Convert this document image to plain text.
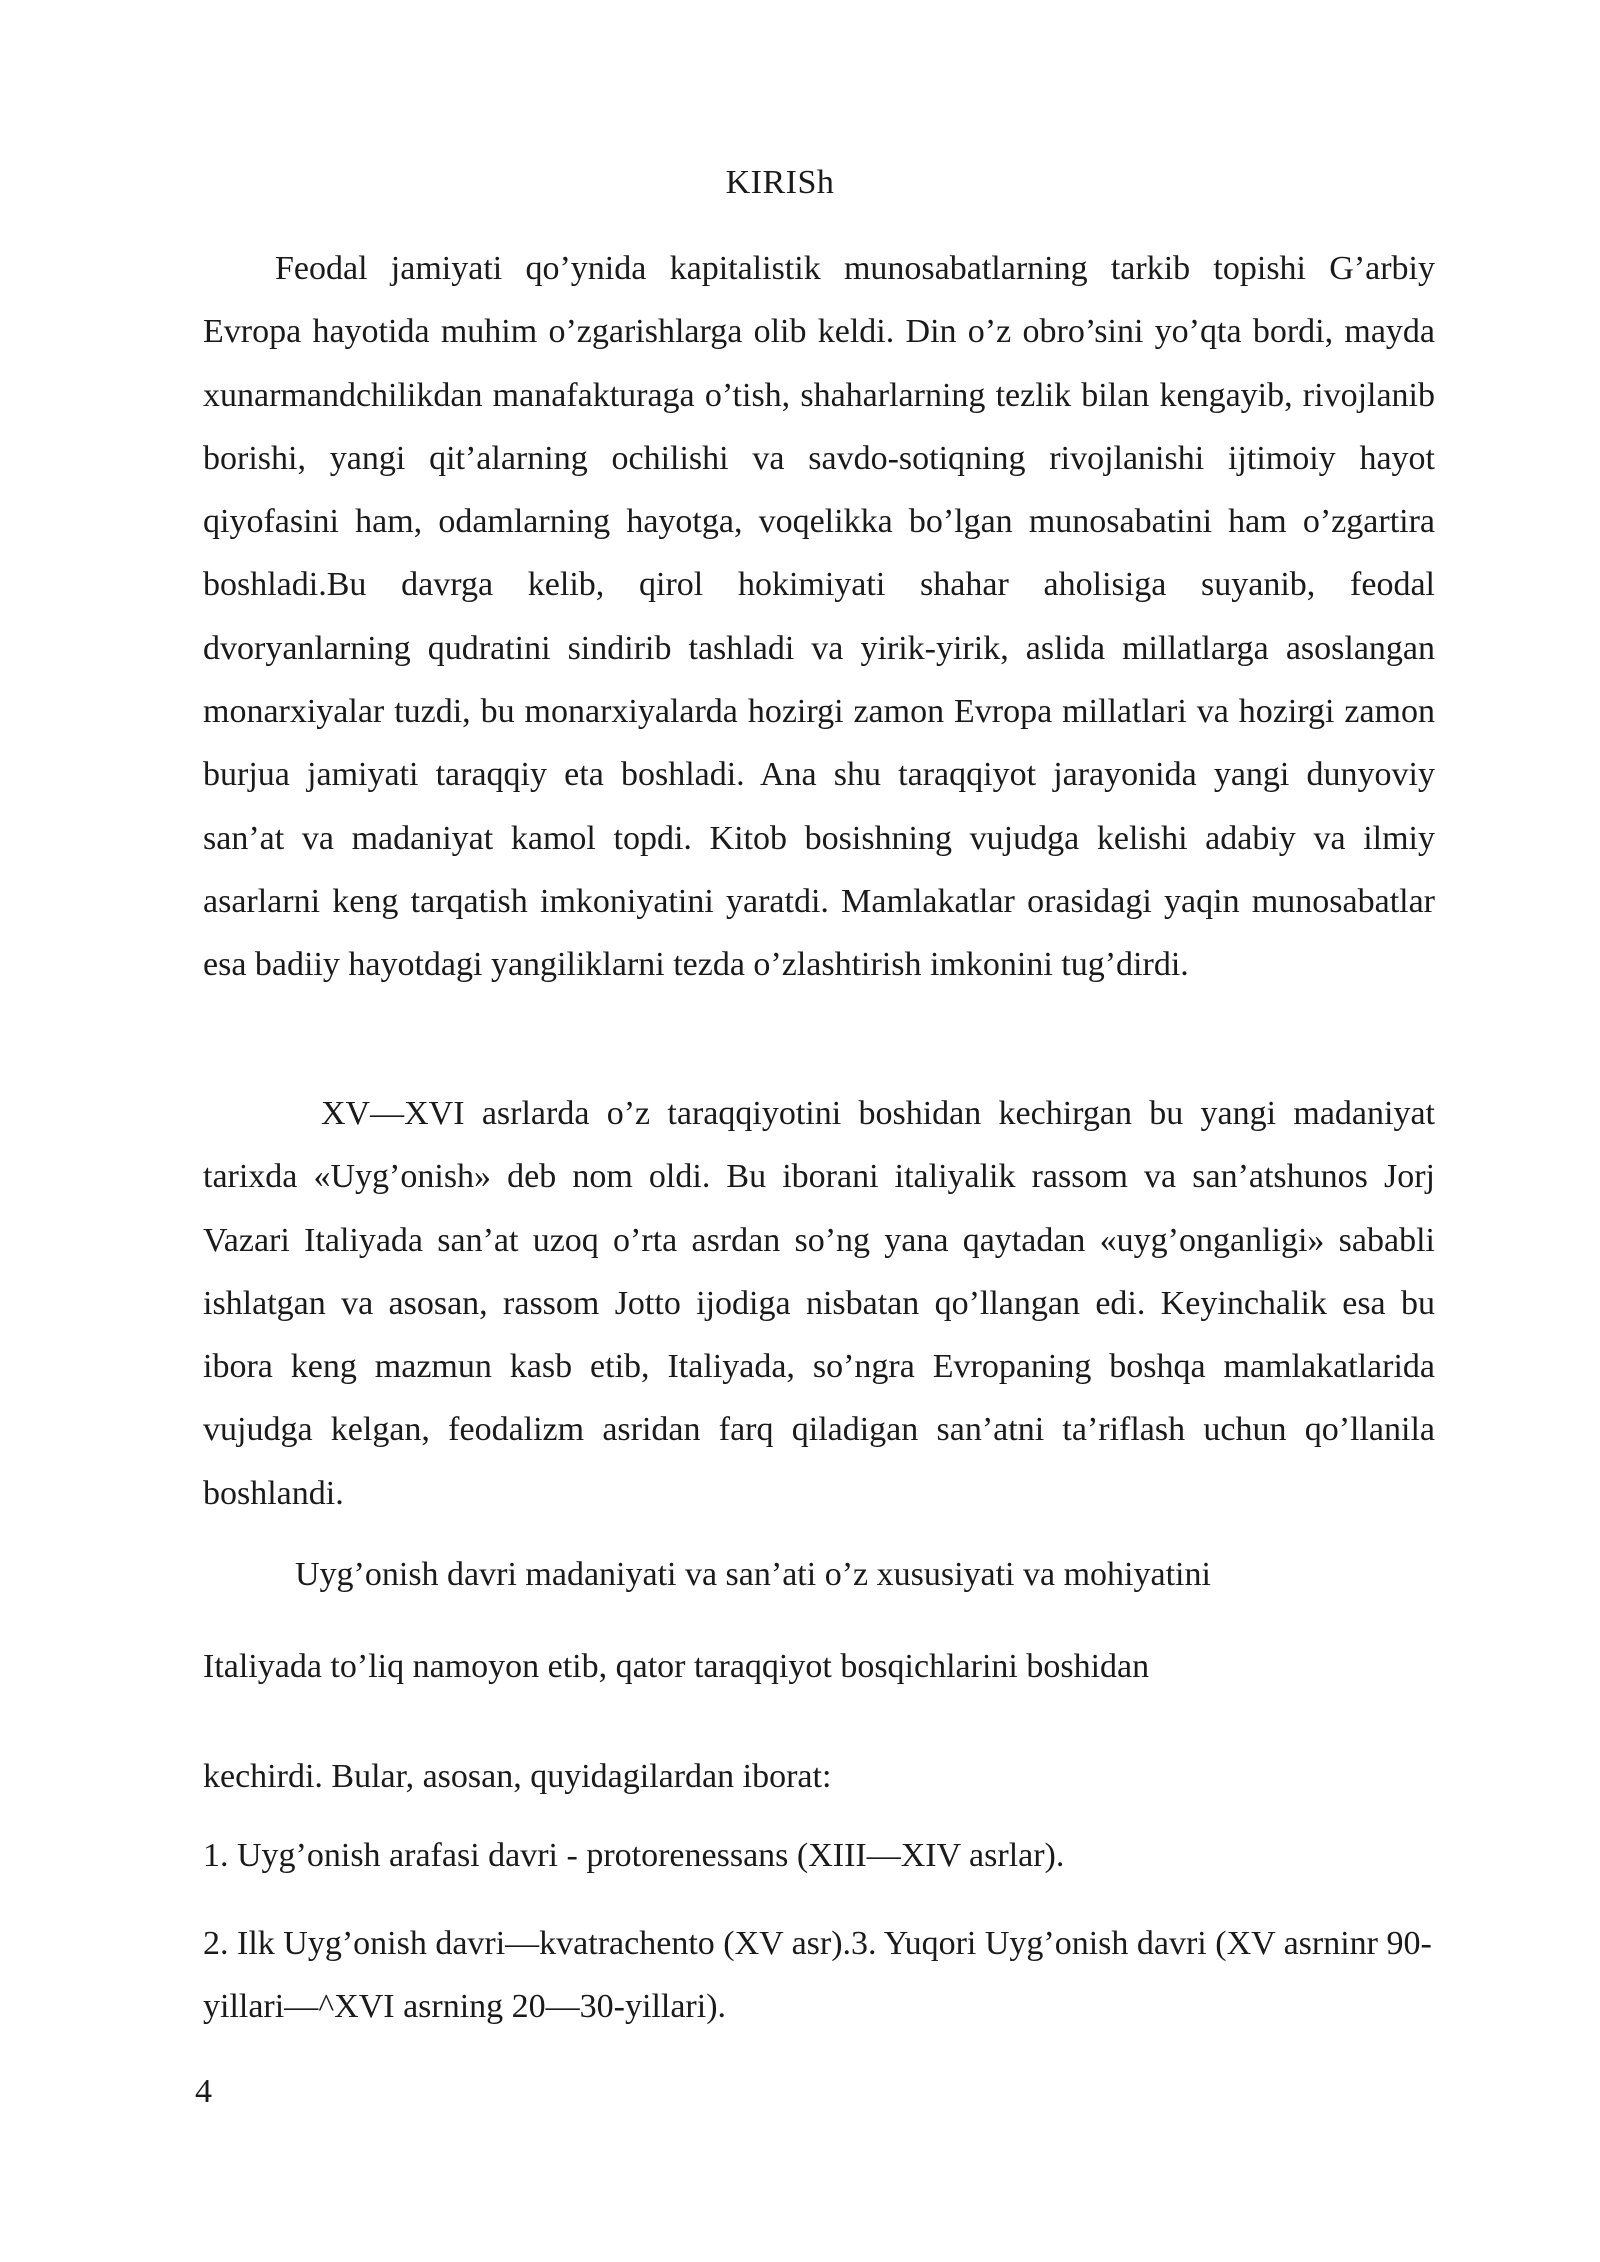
KIRISh

Feodal jamiyati qo’ynida kapitalistik munosabatlarning tarkib topishi G’arbiy Evropa hayotida muhim o’zgarishlarga olib keldi. Din o’z obro’sini yo’qta bordi, mayda xunarmandchilikdan manafakturaga o’tish, shaharlarning tezlik bilan kengayib, rivojlanib borishi, yangi qit’alarning ochilishi va savdo-sotiqning rivojlanishi ijtimoiy hayot qiyofasini ham, odamlarning hayotga, voqelikka bo’lgan munosabatini ham o’zgartira boshladi.Bu davrga kelib, qirol hokimiyati shahar aholisiga suyanib, feodal dvoryanlarning qudratini sindirib tashladi va yirik-yirik, aslida millatlarga asoslangan monarxiyalar tuzdi, bu monarxiyalarda hozirgi zamon Evropa millatlari va hozirgi zamon burjua jamiyati taraqqiy eta boshladi. Ana shu taraqqiyot jarayonida yangi dunyoviy san’at va madaniyat kamol topdi. Kitob bosishning vujudga kelishi adabiy va ilmiy asarlarni keng tarqatish imkoniyatini yaratdi. Mamlakatlar orasidagi yaqin munosabatlar esa badiiy hayotdagi yangiliklarni tezda o’zlashtirish imkonini tug’dirdi.

XV—XVI asrlarda o’z taraqqiyotini boshidan kechirgan bu yangi madaniyat tarixda «Uyg’onish» deb nom oldi. Bu iborani italiyalik rassom va san’atshunos Jorj Vazari Italiyada san’at uzoq o’rta asrdan so’ng yana qaytadan «uyg’onganligi» sababli ishlatgan va asosan, rassom Jotto ijodiga nisbatan qo’llangan edi. Keyinchalik esa bu ibora keng mazmun kasb etib, Italiyada, so’ngra Evropaning boshqa mamlakatlarida vujudga kelgan, feodalizm asridan farq qiladigan san’atni ta’riflash uchun qo’llanila boshlandi.

Uyg’onish davri madaniyati va san’ati o’z xususiyati va mohiyatini

Italiyada to’liq namoyon etib, qator taraqqiyot bosqichlarini boshidan

kechirdi. Bular, asosan, quyidagilardan iborat:

1. Uyg’onish arafasi davri - protorenessans (XIII—XIV asrlar).

2. Ilk Uyg’onish davri—kvatrachento (XV asr).3. Yuqori Uyg’onish davri (XV asrninr 90-yillari—^XVI asrning 20—30-yillari).

4
